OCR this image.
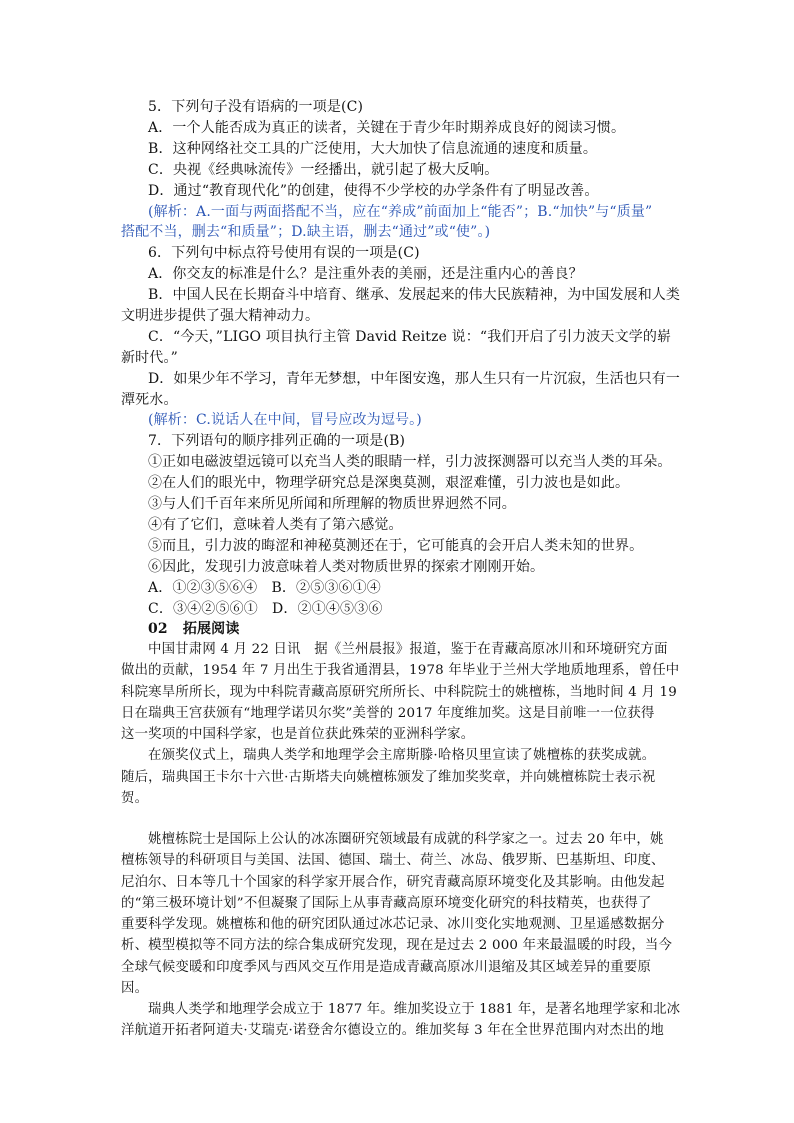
5．下列句子没有语病的一项是(C)
A．一个人能否成为真正的读者，关键在于青少年时期养成良好的阅读习惯。
B．这种网络社交工具的广泛使用，大大加快了信息流通的速度和质量。
C．央视《经典咏流传》一经播出，就引起了极大反响。
D．通过“教育现代化”的创建，使得不少学校的办学条件有了明显改善。
(解析：A.一面与两面搭配不当，应在“养成”前面加上“能否”；B.“加快”与“质量”
搭配不当，删去“和质量”；D.缺主语，删去“通过”或“使”。)
6．下列句中标点符号使用有误的一项是(C)
A．你交友的标准是什么？是注重外表的美丽，还是注重内心的善良？
B．中国人民在长期奋斗中培育、继承、发展起来的伟大民族精神，为中国发展和人类
文明进步提供了强大精神动力。
C．“今天，”LIGO 项目执行主管 David Reitze 说：“我们开启了引力波天文学的崭
新时代。”
D．如果少年不学习，青年无梦想，中年图安逸，那人生只有一片沉寂，生活也只有一
潭死水。
(解析：C.说话人在中间，冒号应改为逗号。)
7．下列语句的顺序排列正确的一项是(B)
①正如电磁波望远镜可以充当人类的眼睛一样，引力波探测器可以充当人类的耳朵。
②在人们的眼光中，物理学研究总是深奥莫测，艰涩难懂，引力波也是如此。
③与人们千百年来所见所闻和所理解的物质世界迥然不同。
④有了它们，意味着人类有了第六感觉。
⑤而且，引力波的晦涩和神秘莫测还在于，它可能真的会开启人类未知的世界。
⑥因此，发现引力波意味着人类对物质世界的探索才刚刚开始。
A．①②③⑤⑥④　B．②⑤③⑥①④
C．③④②⑤⑥①　D．②①④⑤③⑥
02 拓展阅读
中国甘肃网 4 月 22 日讯　据《兰州晨报》报道，鉴于在青藏高原冰川和环境研究方面
做出的贡献，1954 年 7 月出生于我省通渭县，1978 年毕业于兰州大学地质地理系，曾任中
科院寒旱所所长，现为中科院青藏高原研究所所长、中科院院士的姚檀栋，当地时间 4 月 19
日在瑞典王宫获颁有“地理学诺贝尔奖”美誉的 2017 年度维加奖。这是目前唯一一位获得
这一奖项的中国科学家，也是首位获此殊荣的亚洲科学家。
在颁奖仪式上，瑞典人类学和地理学会主席斯滕·哈格贝里宣读了姚檀栋的获奖成就。
随后，瑞典国王卡尔十六世·古斯塔夫向姚檀栋颁发了维加奖奖章，并向姚檀栋院士表示祝
贺。
姚檀栋院士是国际上公认的冰冻圈研究领域最有成就的科学家之一。过去 20 年中，姚
檀栋领导的科研项目与美国、法国、德国、瑞士、荷兰、冰岛、俄罗斯、巴基斯坦、印度、
尼泊尔、日本等几十个国家的科学家开展合作，研究青藏高原环境变化及其影响。由他发起
的“第三极环境计划”不但凝聚了国际上从事青藏高原环境变化研究的科技精英，也获得了
重要科学发现。姚檀栋和他的研究团队通过冰芯记录、冰川变化实地观测、卫星遥感数据分
析、模型模拟等不同方法的综合集成研究发现，现在是过去 2 000 年来最温暖的时段，当今
全球气候变暖和印度季风与西风交互作用是造成青藏高原冰川退缩及其区域差异的重要原
因。
瑞典人类学和地理学会成立于 1877 年。维加奖设立于 1881 年，是著名地理学家和北冰
洋航道开拓者阿道夫·艾瑞克·诺登舍尔德设立的。维加奖每 3 年在全世界范围内对杰出的地
